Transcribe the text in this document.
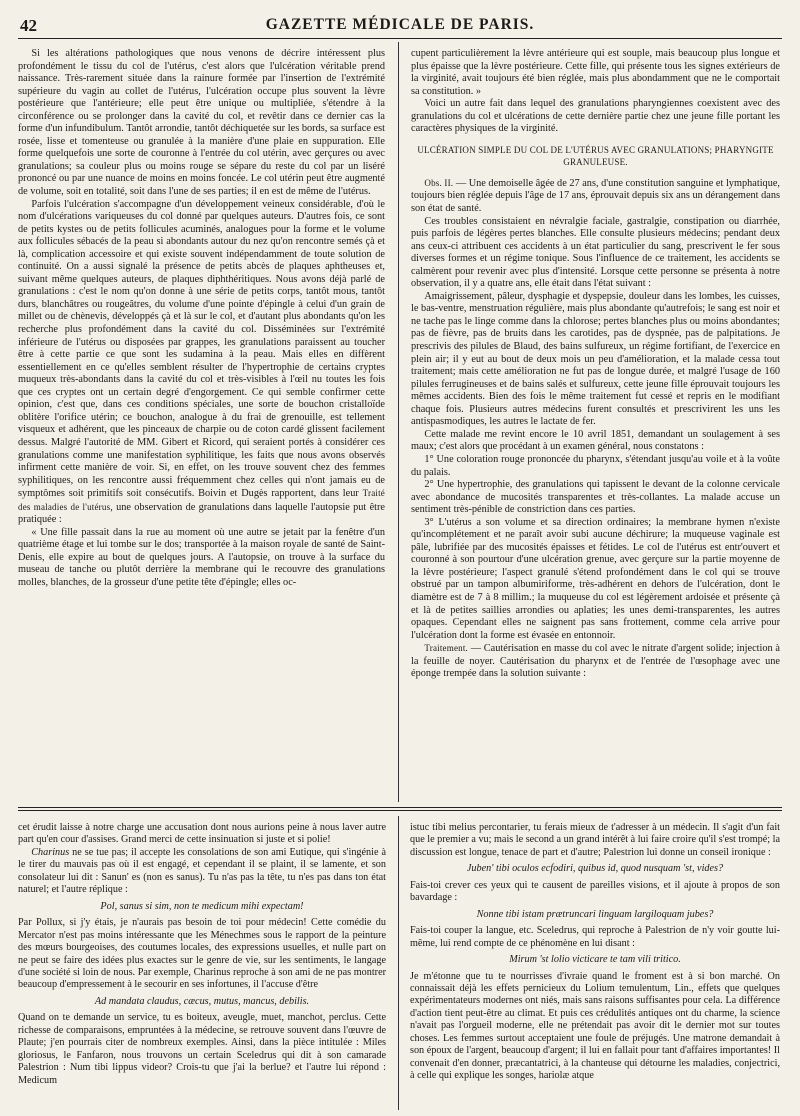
42	GAZETTE MÉDICALE DE PARIS.

Si les altérations pathologiques que nous venons de décrire intéressent plus profondément le tissu du col de l'utérus, c'est alors que l'ulcération véritable prend naissance. Très-rarement située dans la rainure formée par l'insertion de l'extrémité supérieure du vagin au collet de l'utérus, l'ulcération occupe plus souvent la lèvre postérieure que l'antérieure; elle peut être unique ou multipliée, s'étendre à la circonférence ou se prolonger dans la cavité du col, et revêtir dans ce dernier cas la forme d'un infundibulum. Tantôt arrondie, tantôt déchiquetée sur les bords, sa surface est rosée, lisse et tomenteuse ou granulée à la manière d'une plaie en suppuration. Elle forme quelquefois une sorte de couronne à l'entrée du col utérin, avec gerçures ou avec granulations; sa couleur plus ou moins rouge se sépare du reste du col par un liséré prononcé ou par une nuance de moins en moins foncée. Le col utérin peut être augmenté de volume, soit en totalité, soit dans l'une de ses parties; il en est de même de l'utérus.

Parfois l'ulcération s'accompagne d'un développement veineux considérable, d'où le nom d'ulcérations variqueuses du col donné par quelques auteurs. D'autres fois, ce sont de petits kystes ou de petits follicules acuminés, analogues pour la forme et le volume aux follicules sébacés de la peau si abondants autour du nez qu'on rencontre semés çà et là, complication accessoire et qui existe souvent indépendamment de toute solution de continuité. On a aussi signalé la présence de petits abcès de plaques aphtheuses et, suivant même quelques auteurs, de plaques diphthéritiques. Nous avons déjà parlé de granulations : c'est le nom qu'on donne à une série de petits corps, tantôt mous, tantôt durs, blanchâtres ou rougeâtres, du volume d'une pointe d'épingle à celui d'un grain de millet ou de chènevis, développés çà et là sur le col, et d'autant plus abondants qu'on les recherche plus profondément dans la cavité du col. Disséminées sur l'extrémité inférieure de l'utérus ou disposées par grappes, les granulations paraissent au toucher être à cette partie ce que sont les sudamina à la peau. Mais elles en diffèrent essentiellement en ce qu'elles semblent résulter de l'hypertrophie de certains cryptes muqueux très-abondants dans la cavité du col et très-visibles à l'œil nu toutes les fois que ces cryptes ont un certain degré d'engorgement. Ce qui semble confirmer cette opinion, c'est que, dans ces conditions spéciales, une sorte de bouchon cristalloïde oblitère l'orifice utérin; ce bouchon, analogue à du frai de grenouille, est tellement visqueux et adhérent, que les pinceaux de charpie ou de coton cardé glissent facilement dessus. Malgré l'autorité de MM. Gibert et Ricord, qui seraient portés à considérer ces granulations comme une manifestation syphilitique, les faits que nous avons observés infirment cette manière de voir. Si, en effet, on les trouve souvent chez des femmes syphilitiques, on les rencontre aussi fréquemment chez celles qui n'ont jamais eu de symptômes soit primitifs soit consécutifs. Boivin et Dugès rapportent, dans leur Traité des maladies de l'utérus, une observation de granulations dans laquelle l'autopsie put être pratiquée :

« Une fille passait dans la rue au moment où une autre se jetait par la fenêtre d'un quatrième étage et lui tombe sur le dos; transportée à la maison royale de santé de Saint-Denis, elle expire au bout de quelques jours. A l'autopsie, on trouve à la surface du museau de tanche ou plutôt derrière la membrane qui le recouvre des granulations molles, blanches, de la grosseur d'une petite tête d'épingle; elles oc-

cupent particulièrement la lèvre antérieure qui est souple, mais beaucoup plus longue et plus épaisse que la lèvre postérieure. Cette fille, qui présente tous les signes extérieurs de la virginité, avait toujours été bien réglée, mais plus abondamment que ne le comportait sa constitution. »

Voici un autre fait dans lequel des granulations pharyngiennes coexistent avec des granulations du col et ulcérations de cette dernière partie chez une jeune fille portant les caractères physiques de la virginité.

ULCÉRATION SIMPLE DU COL DE L'UTÉRUS AVEC GRANULATIONS; PHARYNGITE GRANULEUSE.

Obs. II. — Une demoiselle âgée de 27 ans, d'une constitution sanguine et lymphatique, toujours bien réglée depuis l'âge de 17 ans, éprouvait depuis six ans un dérangement dans son état de santé.

Ces troubles consistaient en névralgie faciale, gastralgie, constipation ou diarrhée, puis parfois de légères pertes blanches. Elle consulte plusieurs médecins; pendant deux ans ceux-ci attribuent ces accidents à un état particulier du sang, prescrivent le fer sous diverses formes et un régime tonique. Sous l'influence de ce traitement, les accidents se calmèrent pour revenir avec plus d'intensité. Lorsque cette personne se présenta à notre observation, il y a quatre ans, elle était dans l'état suivant :

Amaigrissement, pâleur, dysphagie et dyspepsie, douleur dans les lombes, les cuisses, le bas-ventre, menstruation régulière, mais plus abondante qu'autrefois; le sang est noir et ne tache pas le linge comme dans la chlorose; pertes blanches plus ou moins abondantes; pas de fièvre, pas de bruits dans les carotides, pas de dyspnée, pas de palpitations. Je prescrivis des pilules de Blaud, des bains sulfureux, un régime fortifiant, de l'exercice en plein air; il y eut au bout de deux mois un peu d'amélioration, et la malade cessa tout traitement; mais cette amélioration ne fut pas de longue durée, et malgré l'usage de 160 pilules ferrugineuses et de bains salés et sulfureux, cette jeune fille éprouvait toujours les mêmes accidents. Bien des fois le même traitement fut cessé et repris en le modifiant chaque fois. Plusieurs autres médecins furent consultés et prescrivirent les uns les antispasmodiques, les autres le lactate de fer.

Cette malade me revint encore le 10 avril 1851, demandant un soulagement à ses maux; c'est alors que procédant à un examen général, nous constatons :

1° Une coloration rouge prononcée du pharynx, s'étendant jusqu'au voile et à la voûte du palais.

2° Une hypertrophie, des granulations qui tapissent le devant de la colonne cervicale avec abondance de mucosités transparentes et très-collantes. La malade accuse un sentiment très-pénible de constriction dans ces parties.

3° L'utérus a son volume et sa direction ordinaires; la membrane hymen n'existe qu'incomplétement et ne paraît avoir subi aucune déchirure; la muqueuse vaginale est pâle, lubrifiée par des mucosités épaisses et fétides. Le col de l'utérus est entr'ouvert et couronné à son pourtour d'une ulcération grenue, avec gerçure sur la partie moyenne de la lèvre postérieure; l'aspect granulé s'étend profondément dans le col qui se trouve obstrué par un tampon albumiriforme, très-adhérent en dehors de l'ulcération, dont le diamètre est de 7 à 8 millim.; la muqueuse du col est légèrement ardoisée et présente çà et là de petites saillies arrondies ou aplaties; les unes demi-transparentes, les autres opaques. Cependant elles ne saignent pas sans frottement, comme cela arrive pour l'ulcération dont la forme est évasée en entonnoir.

Traitement. — Cautérisation en masse du col avec le nitrate d'argent solide; injection à la feuille de noyer. Cautérisation du pharynx et de l'entrée de l'œsophage avec une éponge trempée dans la solution suivante :

cet érudit laisse à notre charge une accusation dont nous aurions peine à nous laver autre part qu'en cour d'assises. Grand merci de cette insinuation si juste et si polie!

Charinus ne se tue pas; il accepte les consolations de son ami Eutique, qui s'ingénie à le tirer du mauvais pas où il est engagé, et cependant il se plaint, il se lamente, et son consolateur lui dit : Sanun' es (non es sanus). Tu n'as pas la tête, tu n'es pas dans ton état naturel; et l'autre réplique :

Pol, sanus si sim, non te medicum mihi expectam!

Par Pollux, si j'y étais, je n'aurais pas besoin de toi pour médecin! Cette comédie du Mercator n'est pas moins intéressante que les Ménechmes sous le rapport de la peinture des mœurs bourgeoises, des coutumes locales, des expressions usuelles, et nulle part on ne peut se faire des idées plus exactes sur le genre de vie, sur les sentiments, le langage d'une société si loin de nous. Par exemple, Charinus reproche à son ami de ne pas montrer beaucoup d'empressement à le secourir en ses infortunes, il l'accuse d'être

Ad mandata claudus, cæcus, mutus, mancus, debilis.

Quand on te demande un service, tu es boiteux, aveugle, muet, manchot, perclus. Cette richesse de comparaisons, empruntées à la médecine, se retrouve souvent dans l'œuvre de Plaute; j'en pourrais citer de nombreux exemples. Ainsi, dans la pièce intitulée : Miles gloriosus, le Fanfaron, nous trouvons un certain Sceledrus qui dit à son camarade Palestrion : Num tibi lippus videor? Crois-tu que j'ai la berlue? et l'autre lui répond : Medicum

istuc tibi melius percontarier, tu ferais mieux de t'adresser à un médecin. Il s'agit d'un fait que le premier a vu; mais le second a un grand intérêt à lui faire croire qu'il s'est trompé; la discussion est longue, tenace de part et d'autre; Palestrion lui donne un conseil ironique :

Juben' tibi oculos ecfodiri, quibus id, quod nusquam 'st, vides?

Fais-toi crever ces yeux qui te causent de pareilles visions, et il ajoute à propos de son bavardage :

Nonne tibi istam prætruncari linguam largiloquam jubes?

Fais-toi couper la langue, etc. Sceledrus, qui reproche à Palestrion de n'y voir goutte lui-même, lui rend compte de ce phénomène en lui disant :

Mirum 'st lolio victicare te tam vili tritico.

Je m'étonne que tu te nourrisses d'ivraie quand le froment est à si bon marché. On connaissait déjà les effets pernicieux du Lolium temulentum, Lin., effets que quelques expérimentateurs modernes ont niés, mais sans raisons suffisantes pour cela. La différence d'action tient peut-être au climat. Et puis ces crédulités antiques ont du charme, la science n'avait pas l'orgueil moderne, elle ne prétendait pas avoir dit le dernier mot sur toutes choses. Les femmes surtout acceptaient une foule de préjugés. Une matrone demandait à son époux de l'argent, beaucoup d'argent; il lui en fallait pour tant d'affaires importantes! Il convenait d'en donner, præcantatrici, à la chanteuse qui détourne les maladies, conjectrici, à celle qui explique les songes, hariolæ atque
